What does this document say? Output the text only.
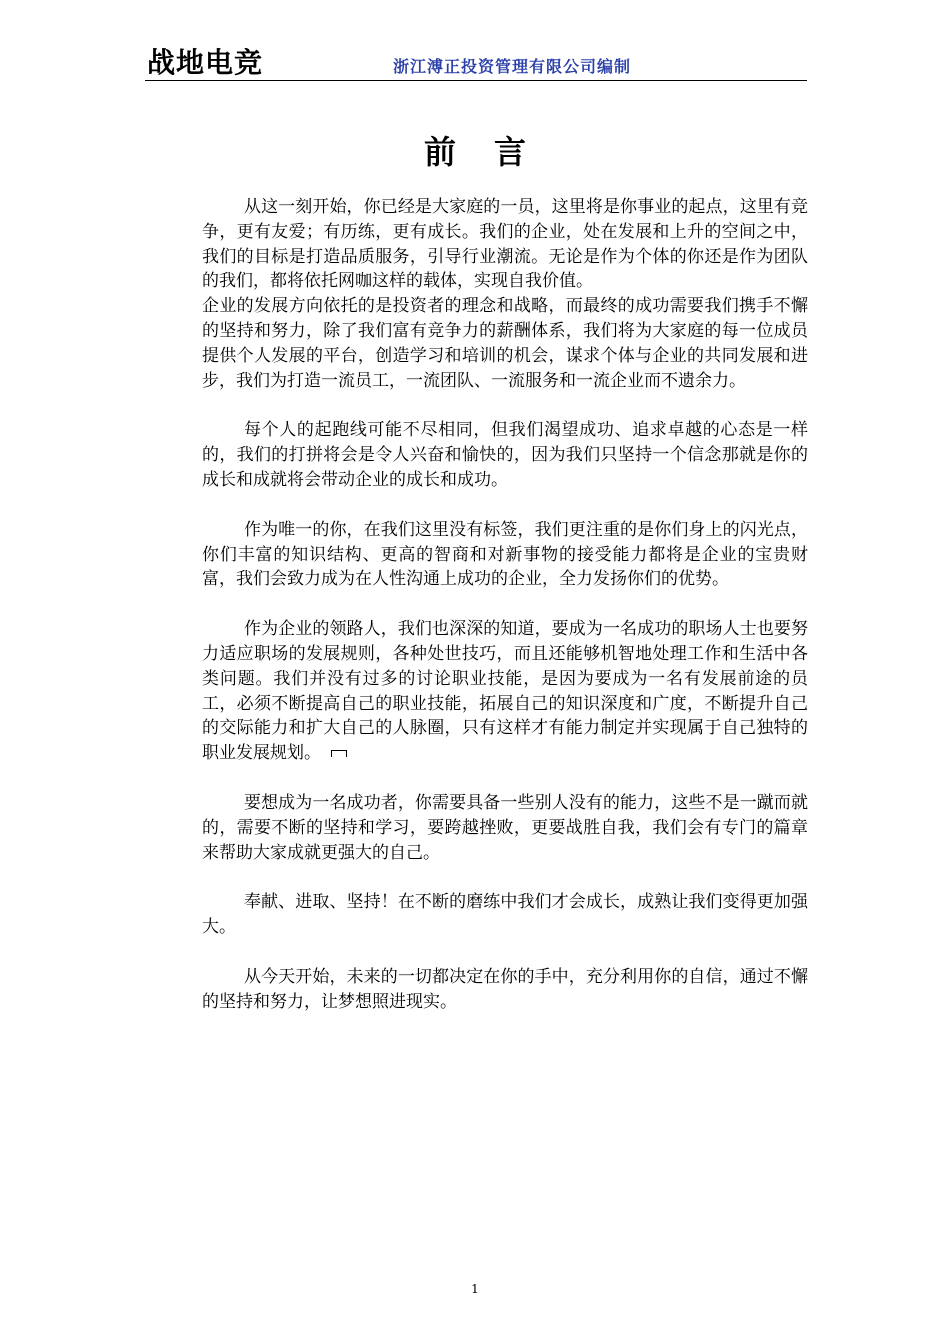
战地电竞	浙江溥正投资管理有限公司编制
前言

从这一刻开始，你已经是大家庭的一员，这里将是你事业的起点，这里有竞争，更有友爱；有历练，更有成长。我们的企业，处在发展和上升的空间之中，我们的目标是打造品质服务，引导行业潮流。无论是作为个体的你还是作为团队的我们，都将依托网咖这样的载体，实现自我价值。

企业的发展方向依托的是投资者的理念和战略，而最终的成功需要我们携手不懈的坚持和努力，除了我们富有竞争力的薪酬体系，我们将为大家庭的每一位成员提供个人发展的平台，创造学习和培训的机会，谋求个体与企业的共同发展和进步，我们为打造一流员工，一流团队、一流服务和一流企业而不遗余力。

每个人的起跑线可能不尽相同，但我们渴望成功、追求卓越的心态是一样的，我们的打拼将会是令人兴奋和愉快的，因为我们只坚持一个信念那就是你的成长和成就将会带动企业的成长和成功。

作为唯一的你，在我们这里没有标签，我们更注重的是你们身上的闪光点，你们丰富的知识结构、更高的智商和对新事物的接受能力都将是企业的宝贵财富，我们会致力成为在人性沟通上成功的企业，全力发扬你们的优势。

作为企业的领路人，我们也深深的知道，要成为一名成功的职场人士也要努力适应职场的发展规则，各种处世技巧，而且还能够机智地处理工作和生活中各类问题。我们并没有过多的讨论职业技能，是因为要成为一名有发展前途的员工，必须不断提高自己的职业技能，拓展自己的知识深度和广度，不断提升自己的交际能力和扩大自己的人脉圈，只有这样才有能力制定并实现属于自己独特的职业发展规划。

要想成为一名成功者，你需要具备一些别人没有的能力，这些不是一蹴而就的，需要不断的坚持和学习，要跨越挫败，更要战胜自我，我们会有专门的篇章来帮助大家成就更强大的自己。

奉献、进取、坚持！在不断的磨练中我们才会成长，成熟让我们变得更加强大。

从今天开始，未来的一切都决定在你的手中，充分利用你的自信，通过不懈的坚持和努力，让梦想照进现实。

1
